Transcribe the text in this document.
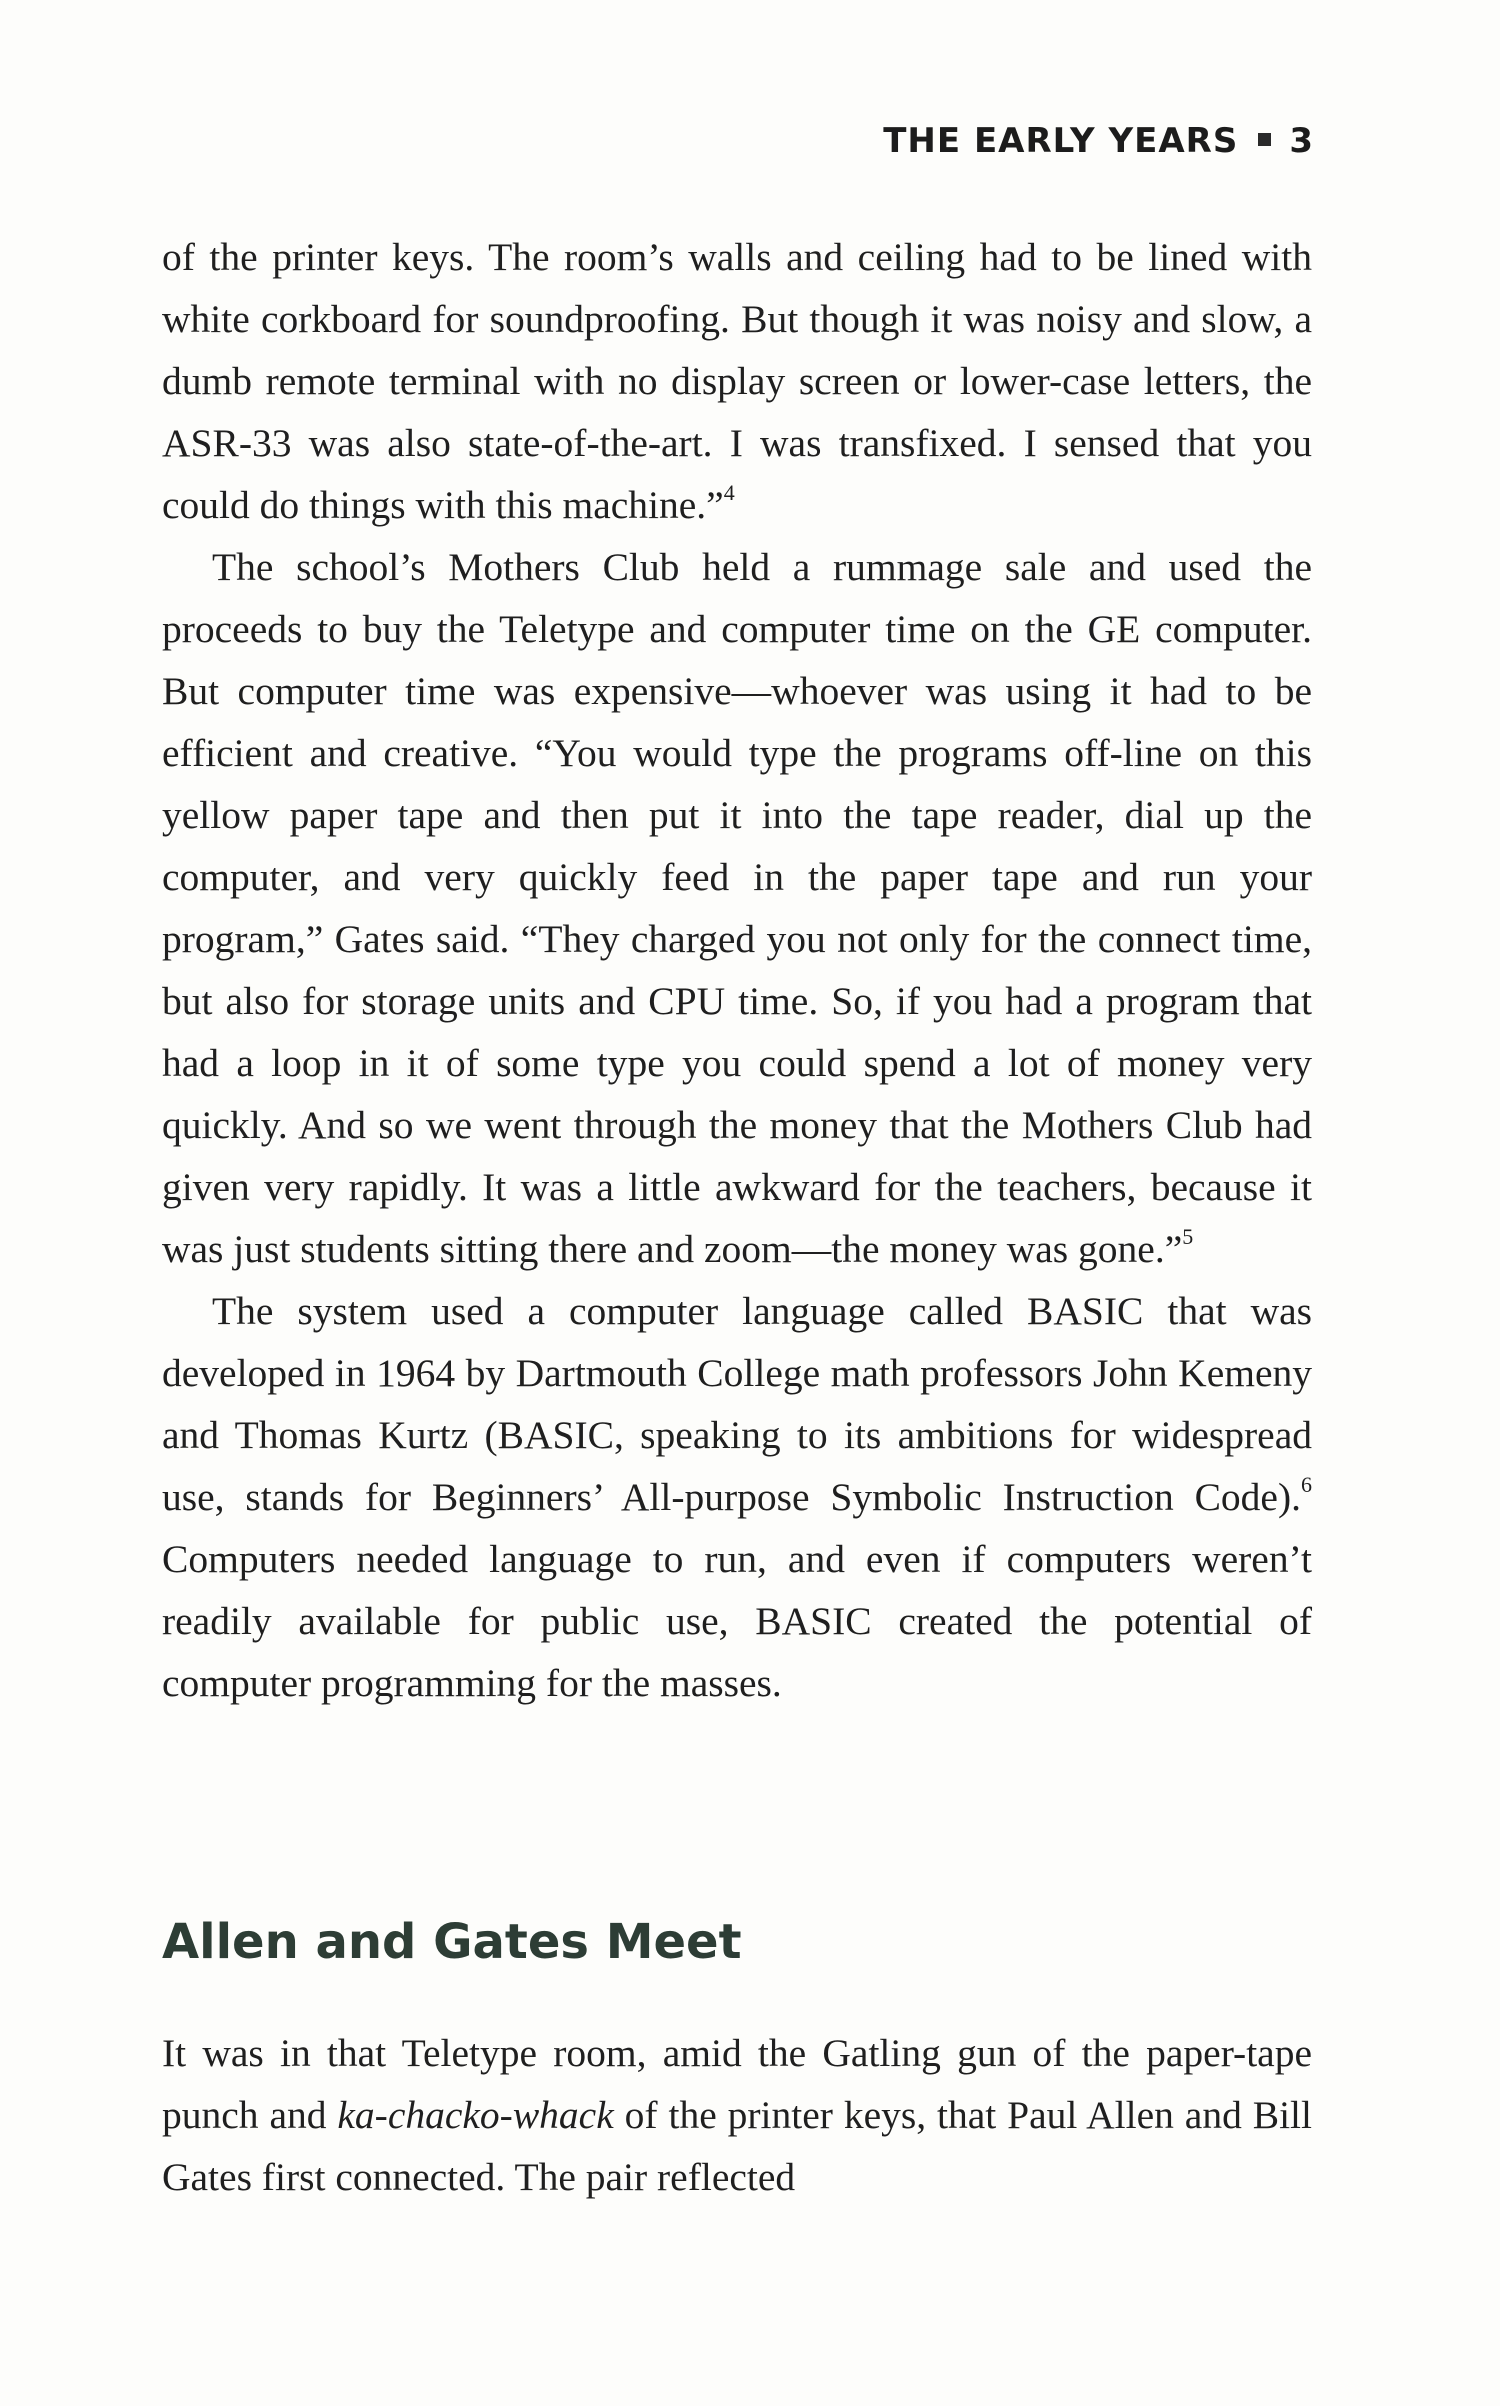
THE EARLY YEARS 3

of the printer keys. The room’s walls and ceiling had to be lined with white corkboard for soundproofing. But though it was noisy and slow, a dumb remote terminal with no display screen or lower-case letters, the ASR-33 was also state-of-the-art. I was transfixed. I sensed that you could do things with this machine.”$^4$

The school’s Mothers Club held a rummage sale and used the proceeds to buy the Teletype and computer time on the GE computer. But computer time was expensive—whoever was using it had to be efficient and creative. “You would type the programs off-line on this yellow paper tape and then put it into the tape reader, dial up the computer, and very quickly feed in the paper tape and run your program,” Gates said. “They charged you not only for the connect time, but also for storage units and CPU time. So, if you had a program that had a loop in it of some type you could spend a lot of money very quickly. And so we went through the money that the Mothers Club had given very rapidly. It was a little awkward for the teachers, because it was just students sitting there and zoom—the money was gone.”$^5$

The system used a computer language called BASIC that was developed in 1964 by Dartmouth College math professors John Kemeny and Thomas Kurtz (BASIC, speaking to its ambitions for widespread use, stands for Beginners’ All-purpose Symbolic Instruction Code).$^6$ Computers needed language to run, and even if computers weren’t readily available for public use, BASIC created the potential of computer programming for the masses.

Allen and Gates Meet

It was in that Teletype room, amid the Gatling gun of the paper-tape punch and ka-chacko-whack of the printer keys, that Paul Allen and Bill Gates first connected. The pair reflected
